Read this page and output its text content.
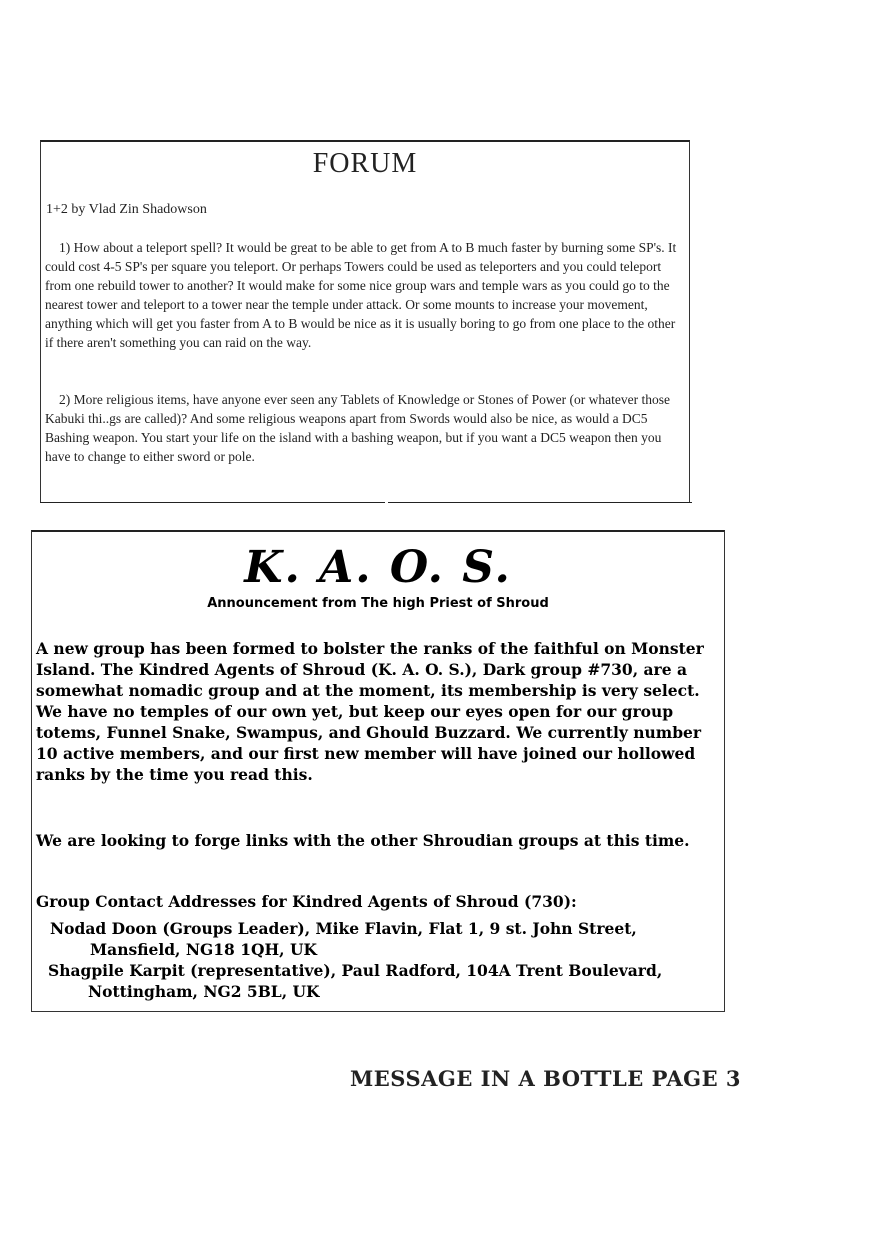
FORUM
1+2 by Vlad Zin Shadowson

1) How about a teleport spell? It would be great to be able to get from A to B much faster by burning some SP's. It could cost 4-5 SP's per square you teleport. Or perhaps Towers could be used as teleporters and you could teleport from one rebuild tower to another? It would make for some nice group wars and temple wars as you could go to the nearest tower and teleport to a tower near the temple under attack. Or some mounts to increase your movement, anything which will get you faster from A to B would be nice as it is usually boring to go from one place to the other if there aren't something you can raid on the way.

2) More religious items, have anyone ever seen any Tablets of Knowledge or Stones of Power (or whatever those Kabuki thi..gs are called)? And some religious weapons apart from Swords would also be nice, as would a DC5 Bashing weapon. You start your life on the island with a bashing weapon, but if you want a DC5 weapon then you have to change to either sword or pole.

K. A. O. S.
Announcement from The high Priest of Shroud

A new group has been formed to bolster the ranks of the faithful on Monster Island. The Kindred Agents of Shroud (K. A. O. S.), Dark group #730, are a somewhat nomadic group and at the moment, its membership is very select. We have no temples of our own yet, but keep our eyes open for our group totems, Funnel Snake, Swampus, and Ghould Buzzard. We currently number 10 active members, and our first new member will have joined our hollowed ranks by the time you read this.

We are looking to forge links with the other Shroudian groups at this time.

Group Contact Addresses for Kindred Agents of Shroud (730):

Nodad Doon (Groups Leader), Mike Flavin, Flat 1, 9 st. John Street,
Mansfield, NG18 1QH, UK

Shagpile Karpit (representative), Paul Radford, 104A Trent Boulevard,
Nottingham, NG2 5BL, UK

MESSAGE IN A BOTTLE PAGE 3
